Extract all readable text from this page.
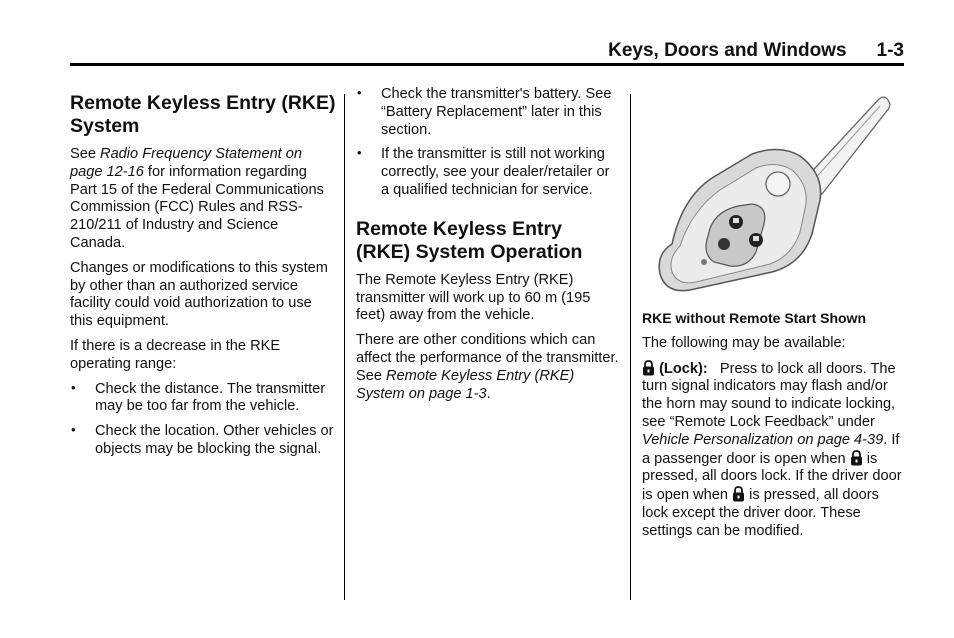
Keys, Doors and Windows 1-3
Remote Keyless Entry (RKE) System

See Radio Frequency Statement on page 12-16 for information regarding Part 15 of the Federal Communications Commission (FCC) Rules and RSS-210/211 of Industry and Science Canada.

Changes or modifications to this system by other than an authorized service facility could void authorization to use this equipment.

If there is a decrease in the RKE operating range:

• Check the distance. The transmitter may be too far from the vehicle.
• Check the location. Other vehicles or objects may be blocking the signal.
• Check the transmitter's battery. See “Battery Replacement” later in this section.
• If the transmitter is still not working correctly, see your dealer/retailer or a qualified technician for service.
Remote Keyless Entry (RKE) System Operation

The Remote Keyless Entry (RKE) transmitter will work up to 60 m (195 feet) away from the vehicle.

There are other conditions which can affect the performance of the transmitter. See Remote Keyless Entry (RKE) System on page 1-3.

RKE without Remote Start Shown

The following may be available:

(Lock): Press to lock all doors. The turn signal indicators may flash and/or the horn may sound to indicate locking, see “Remote Lock Feedback” under Vehicle Personalization on page 4-39. If a passenger door is open when  is pressed, all doors lock. If the driver door is open when  is pressed, all doors lock except the driver door. These settings can be modified.
